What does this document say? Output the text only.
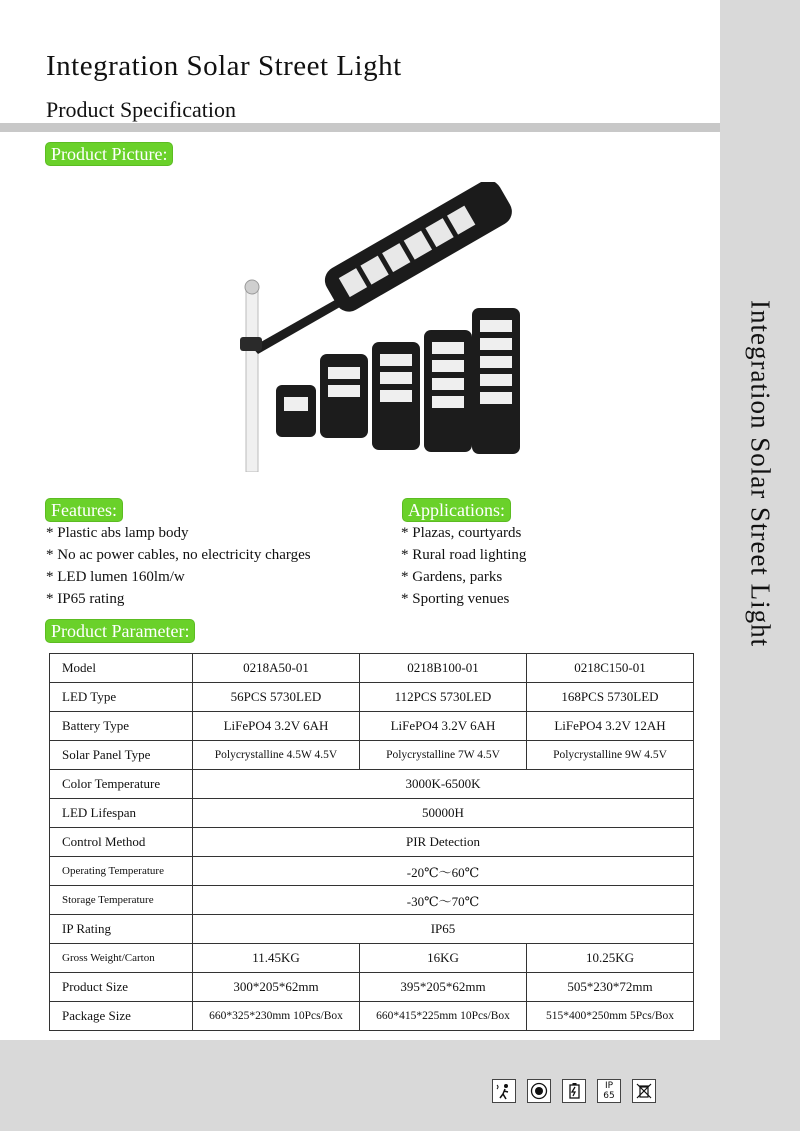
Integration Solar Street Light
Integration Solar Street Light
Product Specification
Product Picture:
Features:	Applications:
* Plastic abs lamp body
* No ac power cables, no electricity charges
* LED lumen 160lm/w
* IP65 rating
* Plazas, courtyards
* Rural road lighting
* Gardens, parks
* Sporting venues
Product Parameter:
Model	0218A50-01	0218B100-01	0218C150-01
LED Type	56PCS 5730LED	112PCS 5730LED	168PCS 5730LED
Battery Type	LiFePO4 3.2V 6AH	LiFePO4 3.2V 6AH	LiFePO4 3.2V 12AH
Solar Panel Type	Polycrystalline 4.5W 4.5V	Polycrystalline 7W 4.5V	Polycrystalline 9W 4.5V
Color Temperature	3000K-6500K		
LED Lifespan	50000H		
Control Method	PIR Detection		
Operating Temperature	-20℃～60℃		
Storage Temperature	-30℃～70℃		
IP Rating	IP65		
Gross Weight/Carton	11.45KG	16KG	10.25KG
Product Size	300*205*62mm	395*205*62mm	505*230*72mm
Package Size	660*325*230mm 10Pcs/Box	660*415*225mm 10Pcs/Box	515*400*250mm 5Pcs/Box
IP
65
